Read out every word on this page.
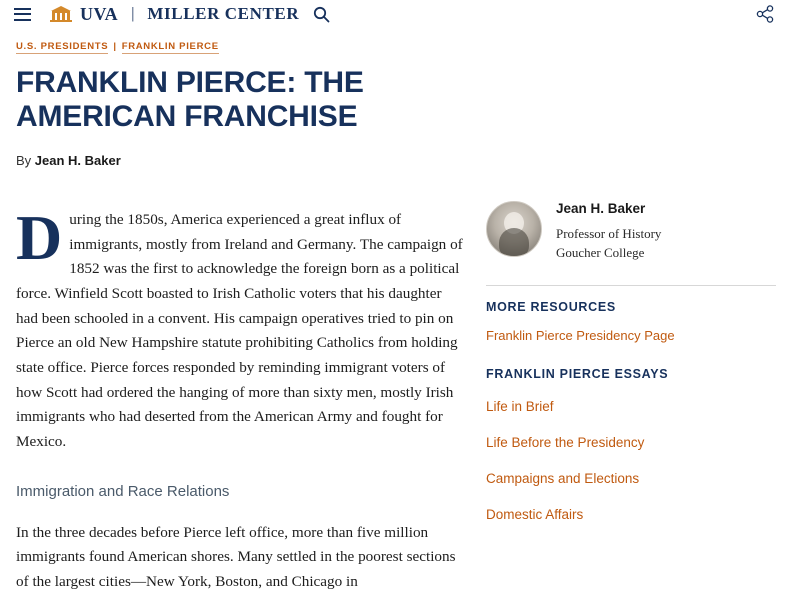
UVA | MILLER CENTER
U.S. PRESIDENTS | FRANKLIN PIERCE
FRANKLIN PIERCE: THE AMERICAN FRANCHISE
By Jean H. Baker

During the 1850s, America experienced a great influx of immigrants, mostly from Ireland and Germany. The campaign of 1852 was the first to acknowledge the foreign born as a political force. Winfield Scott boasted to Irish Catholic voters that his daughter had been schooled in a convent. His campaign operatives tried to pin on Pierce an old New Hampshire statute prohibiting Catholics from holding state office. Pierce forces responded by reminding immigrant voters of how Scott had ordered the hanging of more than sixty men, mostly Irish immigrants who had deserted from the American Army and fought for Mexico.

Immigration and Race Relations

In the three decades before Pierce left office, more than five million immigrants found American shores. Many settled in the poorest sections of the largest cities—New York, Boston, and Chicago in

Jean H. Baker
Professor of History
Goucher College
MORE RESOURCES
Franklin Pierce Presidency Page
FRANKLIN PIERCE ESSAYS
Life in Brief
Life Before the Presidency
Campaigns and Elections
Domestic Affairs
